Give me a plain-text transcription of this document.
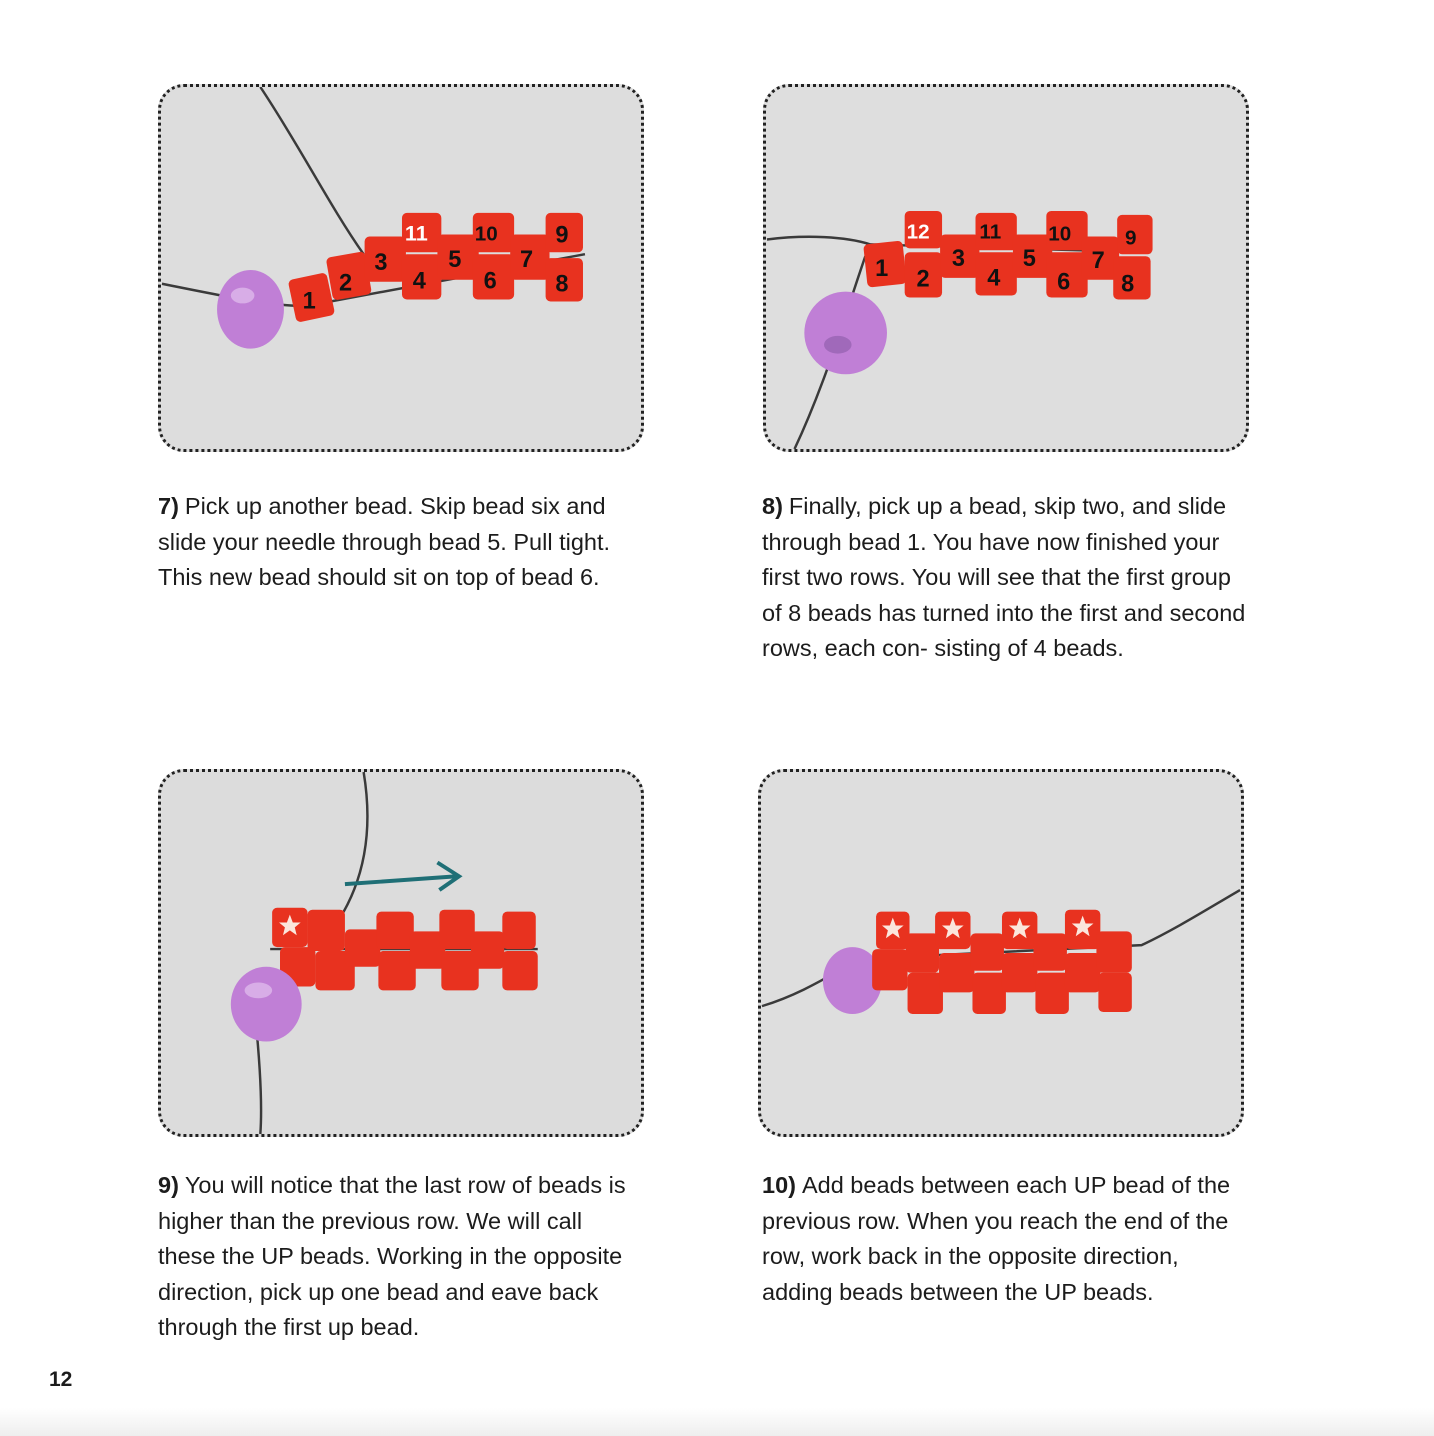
1
2
3
4
5
6
7
8
9
10
11
1 2
3
4
5
6
7
8
9
10
11
12

7) Pick up another bead. Skip bead six and slide your needle through bead 5. Pull tight. This new bead should sit on top of bead 6.

8) Finally, pick up a bead, skip two, and slide through bead 1. You have now finished your first two rows. You will see that the first group of 8 beads has turned into the first and second rows, each con- sisting of 4 beads.

9) You will notice that the last row of beads is higher than the previous row. We will call these the UP beads. Working in the opposite direction, pick up one bead and eave back through the first up bead.

10) Add beads between each UP bead of the previous row. When you reach the end of the row, work back in the opposite direction, adding beads between the UP beads.

12
